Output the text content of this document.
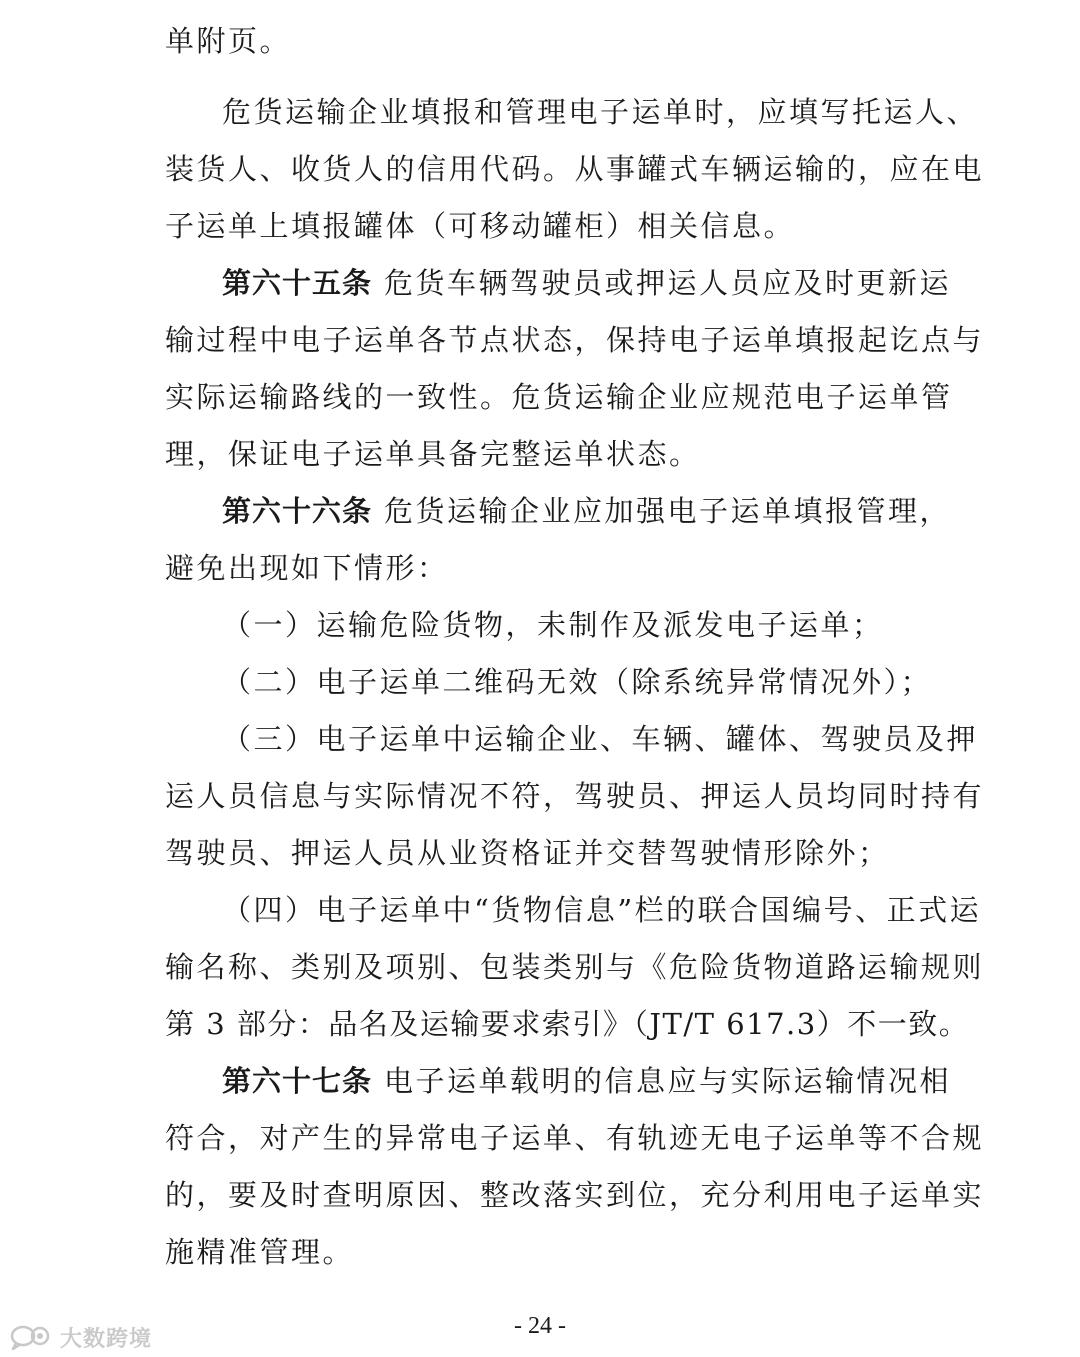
单附页。
危货运输企业填报和管理电子运单时，应填写托运人、
装货人、收货人的信用代码。从事罐式车辆运输的，应在电
子运单上填报罐体（可移动罐柜）相关信息。
第六十五条 危货车辆驾驶员或押运人员应及时更新运
输过程中电子运单各节点状态，保持电子运单填报起讫点与
实际运输路线的一致性。危货运输企业应规范电子运单管
理，保证电子运单具备完整运单状态。
第六十六条 危货运输企业应加强电子运单填报管理，
避免出现如下情形：
（一）运输危险货物，未制作及派发电子运单；
（二）电子运单二维码无效（除系统异常情况外）；
（三）电子运单中运输企业、车辆、罐体、驾驶员及押
运人员信息与实际情况不符，驾驶员、押运人员均同时持有
驾驶员、押运人员从业资格证并交替驾驶情形除外；
（四）电子运单中“货物信息”栏的联合国编号、正式运
输名称、类别及项别、包装类别与《危险货物道路运输规则
第 3 部分：品名及运输要求索引》（JT/T 617.3）不一致。
第六十七条 电子运单载明的信息应与实际运输情况相
符合，对产生的异常电子运单、有轨迹无电子运单等不合规
的，要及时查明原因、整改落实到位，充分利用电子运单实
施精准管理。
- 24 -
大数跨境
